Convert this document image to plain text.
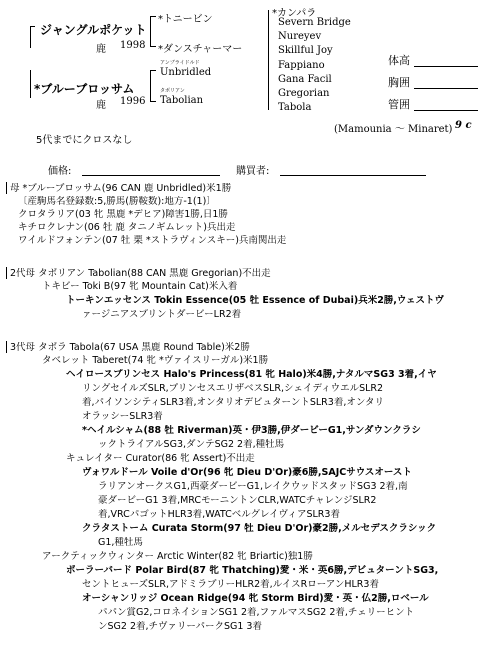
ジャングルポケット
鹿 1998
*ブルーブロッサム
鹿 1996
*トニービン
*ダンスチャーマー
アンブライドルド
Unbridled
タボリアン
Tabolian
*カンパラ
Severn Bridge
Nureyev
Skillful Joy
Fappiano
Gana Facil
Gregorian
Tabola
体高
胸囲
管囲
(Mamounia 〜 Minaret) 9 c
5代までにクロスなし
価格:	購買者:
母 *ブルーブロッサム(96 CAN 鹿 Unbridled)米1勝
〔産駒馬名登録数:5,勝馬(勝鞍数):地方-1(1)〕
クロタラリア(03 牝 黒鹿 *デヒア)障害1勝,日1勝
キチロクレナン(06 牡 鹿 タニノギムレット)兵出走
ワイルドフォンテン(07 牡 栗 *ストラヴィンスキー)兵南関出走
2代母 タボリアン Tabolian(88 CAN 黒鹿 Gregorian)不出走
トキビー Toki B(97 牝 Mountain Cat)米入着
トーキンエッセンス Tokin Essence(05 牡 Essence of Dubai)兵米2勝,ウェストヴ
ァージニアスプリントダービーLR2着
3代母 タボラ Tabola(67 USA 黒鹿 Round Table)米2勝
タベレット Taberet(74 牝 *ヴァイスリーガル)米1勝
ヘイロースプリンセス Halo's Princess(81 牝 Halo)米4勝,ナタルマSG3 3着,イヤ
リングセイルズSLR,プリンセスエリザベスSLR,シェイディウエルSLR2
着,パイソンシティSLR3着,オンタリオデビュターントSLR3着,オンタリ
オラッシーSLR3着
*ヘイルシャム(88 牡 Riverman)英・伊3勝,伊ダービーG1,サンダウンクラシ
ックトライアルSG3,ダンテSG2 2着,種牡馬
キュレイター Curator(86 牝 Assert)不出走
ヴォワルドール Voile d'Or(96 牝 Dieu D'Or)豪6勝,SAJCサウスオースト
ラリアンオークスG1,西豪ダービーG1,レイクウッドスタッドSG3 2着,南
豪ダービーG1 3着,MRCモーニントンCLR,WATCチャレンジSLR2
着,VRCパゴットHLR3着,WATCベルグレイヴィアSLR3着
クラタストーム Curata Storm(97 牡 Dieu D'Or)豪2勝,メルセデスクラシック
G1,種牡馬
アークティックウィンター Arctic Winter(82 牝 Briartic)独1勝
ポーラーバード Polar Bird(87 牝 Thatching)愛・米・英6勝,デビュターントSG3,
セントヒューズSLR,アドミラブリーHLR2着,ルイスRローアンHLR3着
オーシャンリッジ Ocean Ridge(94 牝 Storm Bird)愛・英・仏2勝,ロベール
パパン賞G2,コロネイションSG1 2着,ファルマスSG2 2着,チェリーヒント
ンSG2 2着,チヴァリーパークSG1 3着
